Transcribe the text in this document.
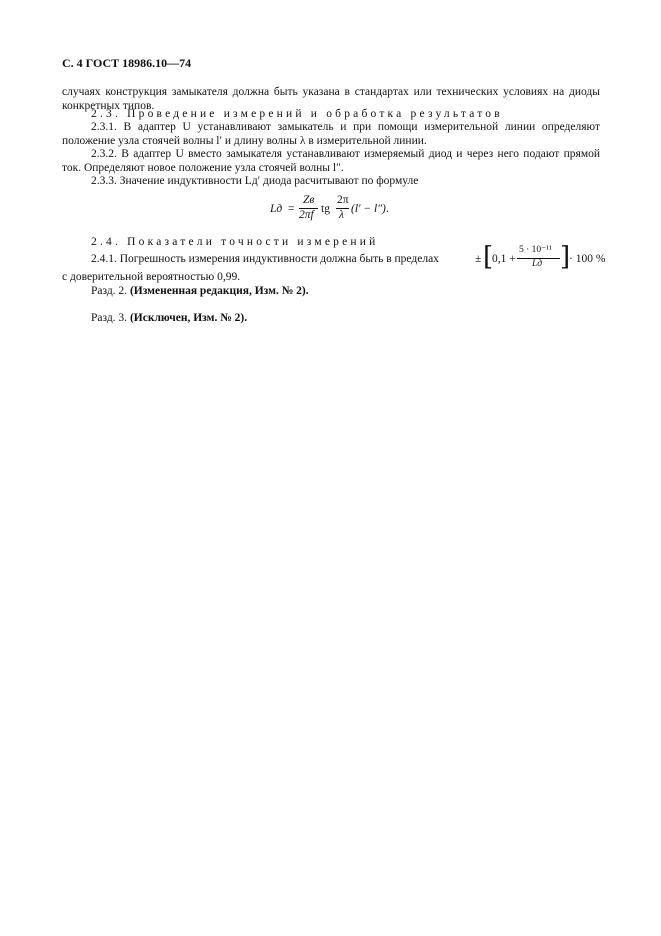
С. 4 ГОСТ 18986.10—74
случаях конструкция замыкателя должна быть указана в стандартах или технических условиях на диоды конкретных типов.
2.3. Проведение измерений и обработка результатов
2.3.1. В адаптер U устанавливают замыкатель и при помощи измерительной линии определяют положение узла стоячей волны l′ и длину волны λ в измерительной линии.
2.3.2. В адаптер U вместо замыкателя устанавливают измеряемый диод и через него подают прямой ток. Определяют новое положение узла стоячей волны l″.
2.3.3. Значение индуктивности Lд′ диода расчитывают по формуле
Lд =
Zв
2πf tg
2π
λ (l′ − l″) .
2.4. Показатели точности измерений
2.4.1. Погрешность измерения индуктивности должна быть в пределах	± [
0,1 +
5 · 10⁻¹¹
Lд ]
· 100 %
с доверительной вероятностью 0,99.
Разд. 2. (Измененная редакция, Изм. № 2).
Разд. 3. (Исключен, Изм. № 2).
